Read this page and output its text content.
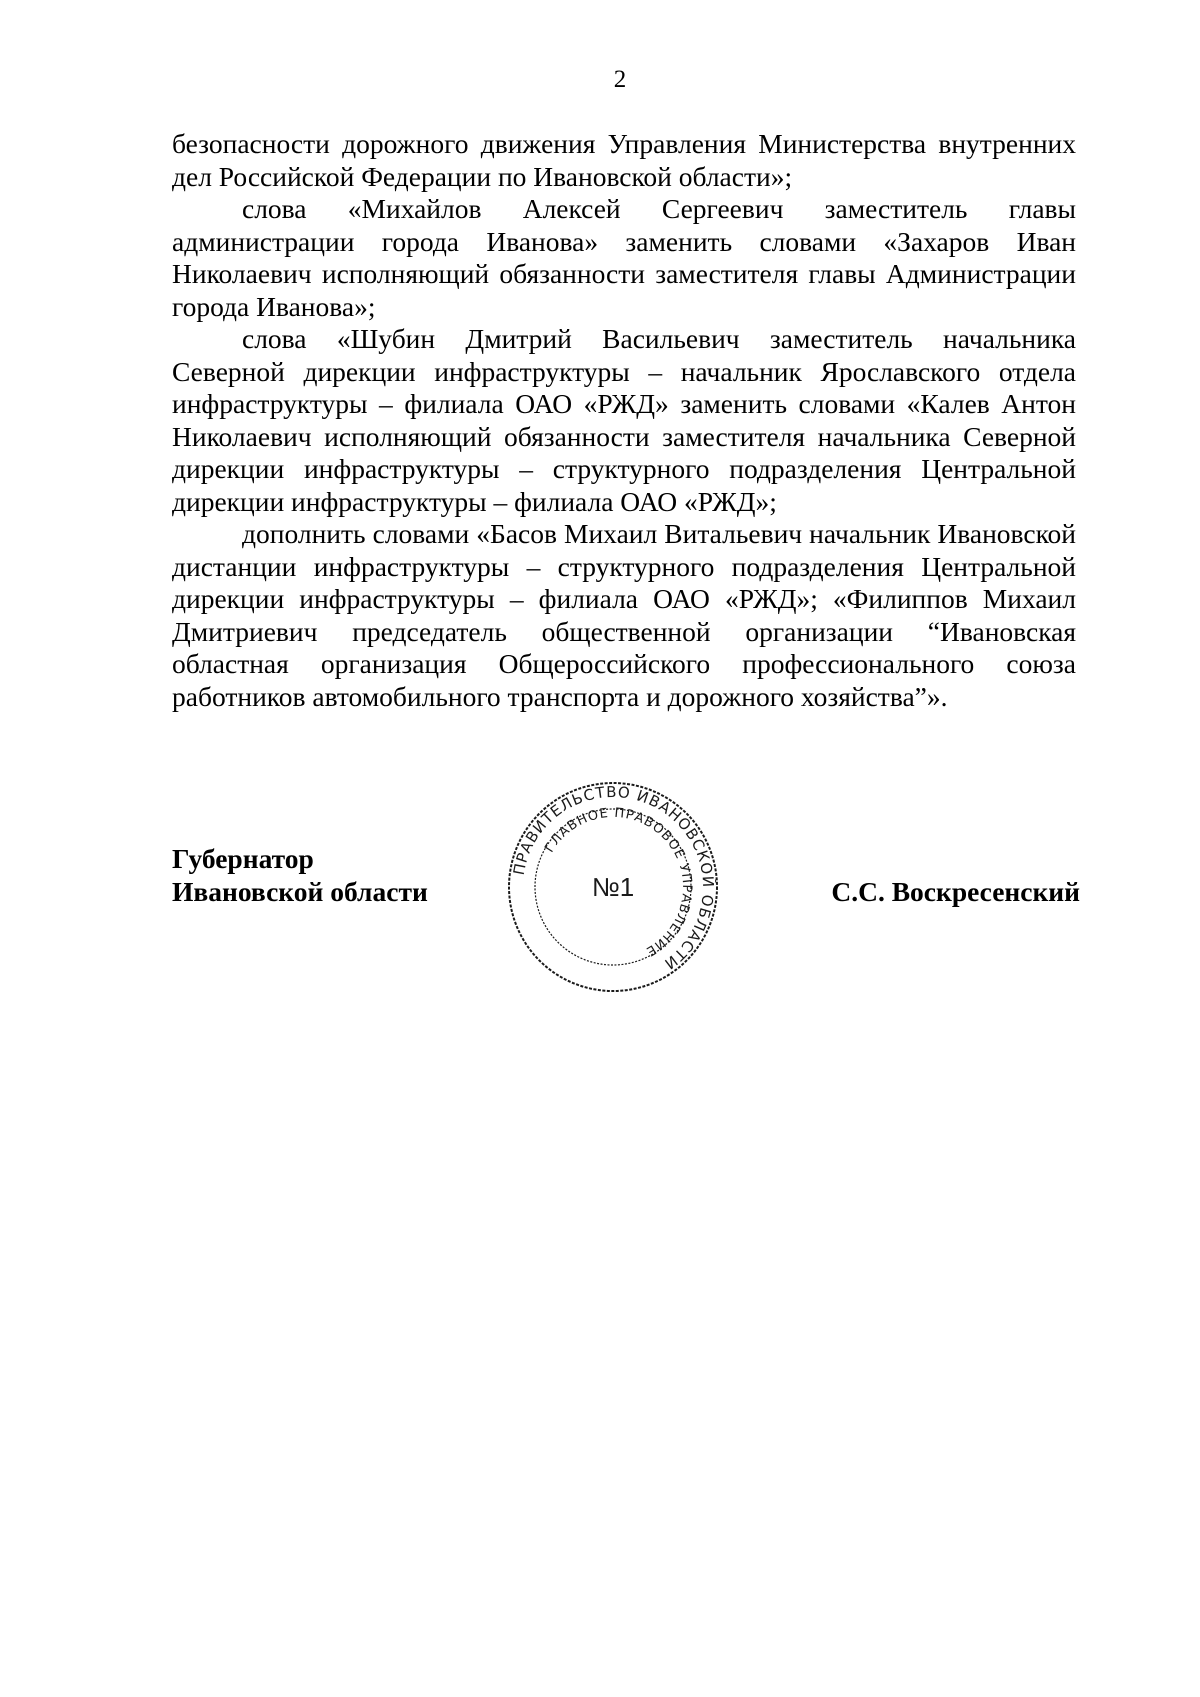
2

безопасности дорожного движения Управления Министерства внутренних дел Российской Федерации по Ивановской области»;

слова «Михайлов Алексей Сергеевич заместитель главы администрации города Иванова» заменить словами «Захаров Иван Николаевич исполняющий обязанности заместителя главы Администрации города Иванова»;

слова «Шубин Дмитрий Васильевич заместитель начальника Северной дирекции инфраструктуры – начальник Ярославского отдела инфраструктуры – филиала ОАО «РЖД» заменить словами «Калев Антон Николаевич исполняющий обязанности заместителя начальника Северной дирекции инфраструктуры – структурного подразделения Центральной дирекции инфраструктуры – филиала ОАО «РЖД»;

дополнить словами «Басов Михаил Витальевич начальник Ивановской дистанции инфраструктуры – структурного подразделения Центральной дирекции инфраструктуры – филиала ОАО «РЖД»; «Филиппов Михаил Дмитриевич председатель общественной организации “Ивановская областная организация Общероссийского профессионального союза работников автомобильного транспорта и дорожного хозяйства”».

Губернатор
Ивановской области	С.С. Воскресенский
ПРАВИТЕЛЬСТВО ИВАНОВСКОЙ ОБЛАСТИ
ГЛАВНОЕ ПРАВОВОЕ УПРАВЛЕНИЕ
№1
